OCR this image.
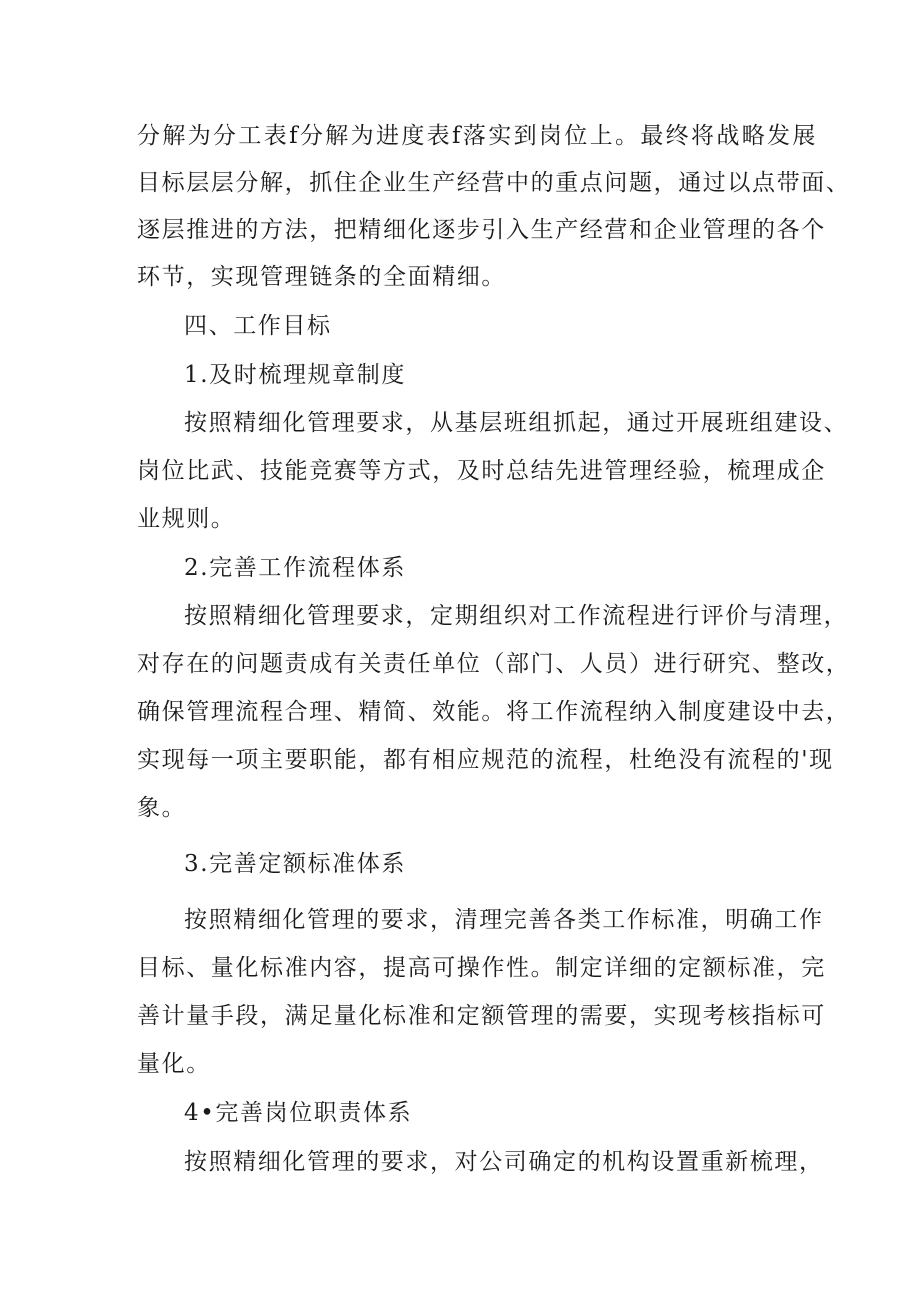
分解为分工表f分解为进度表f落实到岗位上。最终将战略发展
目标层层分解，抓住企业生产经营中的重点问题，通过以点带面、
逐层推进的方法，把精细化逐步引入生产经营和企业管理的各个
环节，实现管理链条的全面精细。
四、工作目标
1.及时梳理规章制度
按照精细化管理要求，从基层班组抓起，通过开展班组建设、
岗位比武、技能竞赛等方式，及时总结先进管理经验，梳理成企
业规则。
2.完善工作流程体系
按照精细化管理要求，定期组织对工作流程进行评价与清理，
对存在的问题责成有关责任单位（部门、人员）进行研究、整改，
确保管理流程合理、精简、效能。将工作流程纳入制度建设中去，
实现每一项主要职能，都有相应规范的流程，杜绝没有流程的'现
象。
3.完善定额标准体系
按照精细化管理的要求，清理完善各类工作标准，明确工作
目标、量化标准内容，提高可操作性。制定详细的定额标准，完
善计量手段，满足量化标准和定额管理的需要，实现考核指标可
量化。
4•完善岗位职责体系
按照精细化管理的要求，对公司确定的机构设置重新梳理，
